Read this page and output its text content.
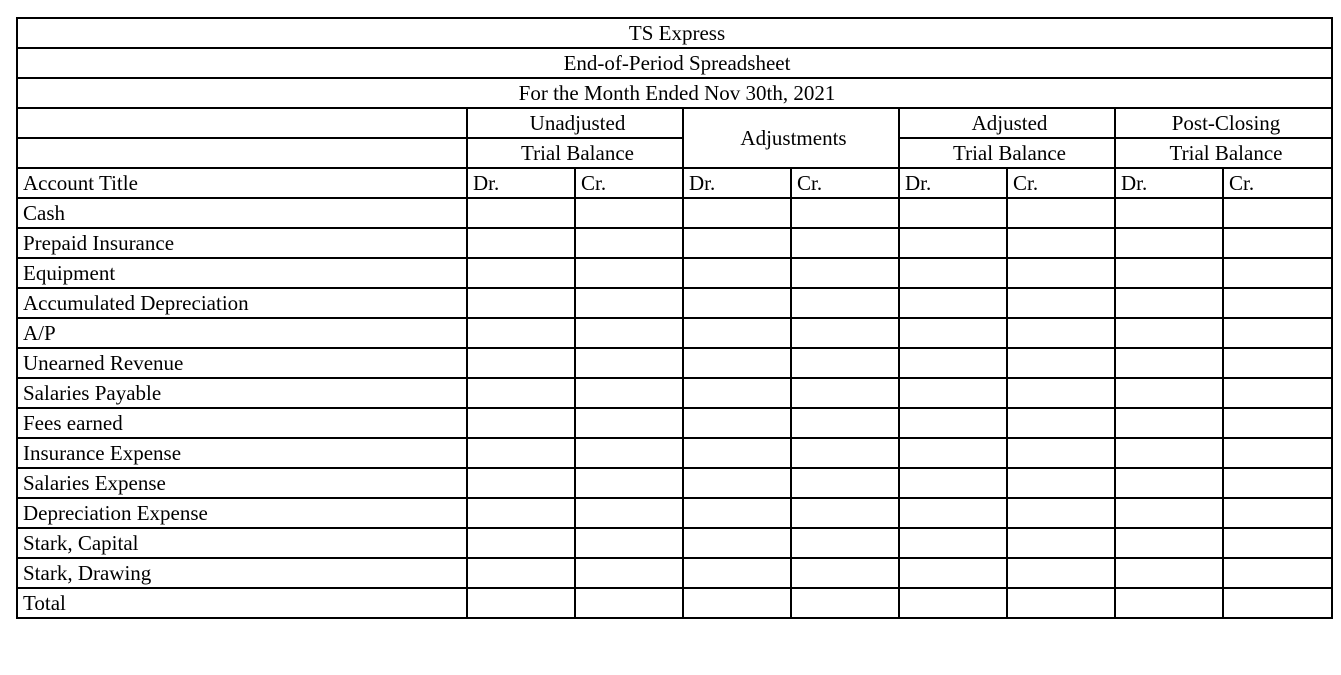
TS Express								
End-of-Period Spreadsheet								
For the Month Ended Nov 30th, 2021								
	Unadjusted		Adjustments		Adjusted		Post-Closing	
	Trial Balance				Trial Balance		Trial Balance	
Account Title	Dr.	Cr.	Dr.	Cr.	Dr.	Cr.	Dr.	Cr.
Cash								
Prepaid Insurance								
Equipment								
Accumulated Depreciation								
A/P								
Unearned Revenue								
Salaries Payable								
Fees earned								
Insurance Expense								
Salaries Expense								
Depreciation Expense								
Stark, Capital								
Stark, Drawing								
Total								
